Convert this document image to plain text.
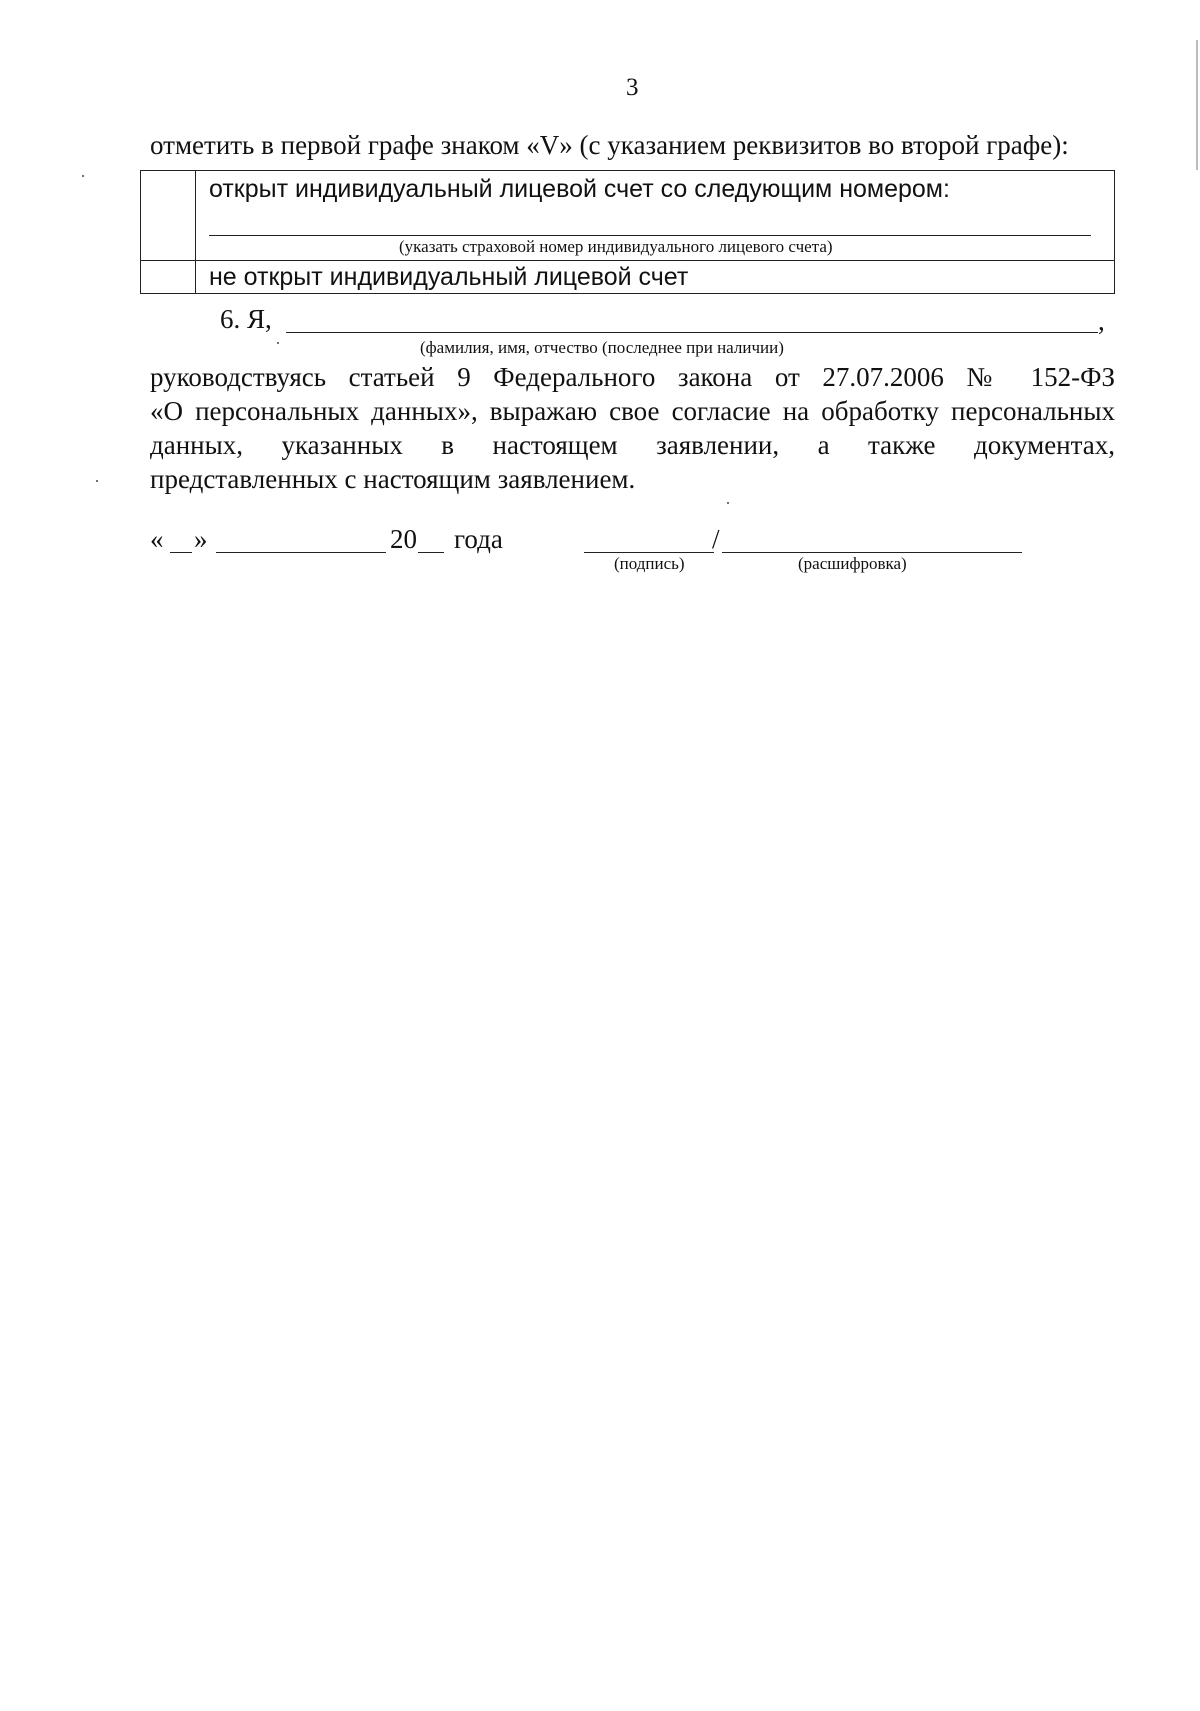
3
отметить в первой графе знаком «V» (с указанием реквизитов во второй графе):
открыт индивидуальный лицевой счет со следующим номером:
(указать страховой номер индивидуального лицевого счета)
не открыт индивидуальный лицевой счет
6. Я,	,
(фамилия, имя, отчество (последнее при наличии)
руководствуясь статьей 9 Федерального закона от 27.07.2006 № 152-ФЗ
«О персональных данных», выражаю свое согласие на обработку персональных
данных, указанных в настоящем заявлении, а также документах,
представленных с настоящим заявлением.
« »	20 года	/
(подпись)	(расшифровка)
